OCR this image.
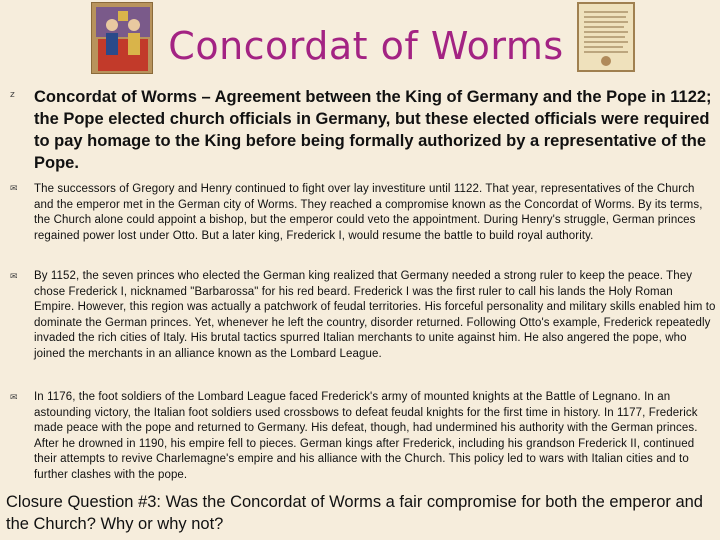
Concordat of Worms
z Concordat of Worms – Agreement between the King of Germany and the Pope in 1122; the Pope elected church officials in Germany, but these elected officials were required to pay homage to the King before being formally authorized by a representative of the Pope.
✉ The successors of Gregory and Henry continued to fight over lay investiture until 1122. That year, representatives of the Church and the emperor met in the German city of Worms. They reached a compromise known as the Concordat of Worms. By its terms, the Church alone could appoint a bishop, but the emperor could veto the appointment. During Henry's struggle, German princes regained power lost under Otto. But a later king, Frederick I, would resume the battle to build royal authority.
✉ By 1152, the seven princes who elected the German king realized that Germany needed a strong ruler to keep the peace. They chose Frederick I, nicknamed "Barbarossa" for his red beard. Frederick I was the first ruler to call his lands the Holy Roman Empire. However, this region was actually a patchwork of feudal territories. His forceful personality and military skills enabled him to dominate the German princes. Yet, whenever he left the country, disorder returned. Following Otto's example, Frederick repeatedly invaded the rich cities of Italy. His brutal tactics spurred Italian merchants to unite against him. He also angered the pope, who joined the merchants in an alliance known as the Lombard League.
✉ In 1176, the foot soldiers of the Lombard League faced Frederick's army of mounted knights at the Battle of Legnano. In an astounding victory, the Italian foot soldiers used crossbows to defeat feudal knights for the first time in history. In 1177, Frederick made peace with the pope and returned to Germany. His defeat, though, had undermined his authority with the German princes. After he drowned in 1190, his empire fell to pieces. German kings after Frederick, including his grandson Frederick II, continued their attempts to revive Charlemagne's empire and his alliance with the Church. This policy led to wars with Italian cities and to further clashes with the pope.
Closure Question #3: Was the Concordat of Worms a fair compromise for both the emperor and the Church? Why or why not?
